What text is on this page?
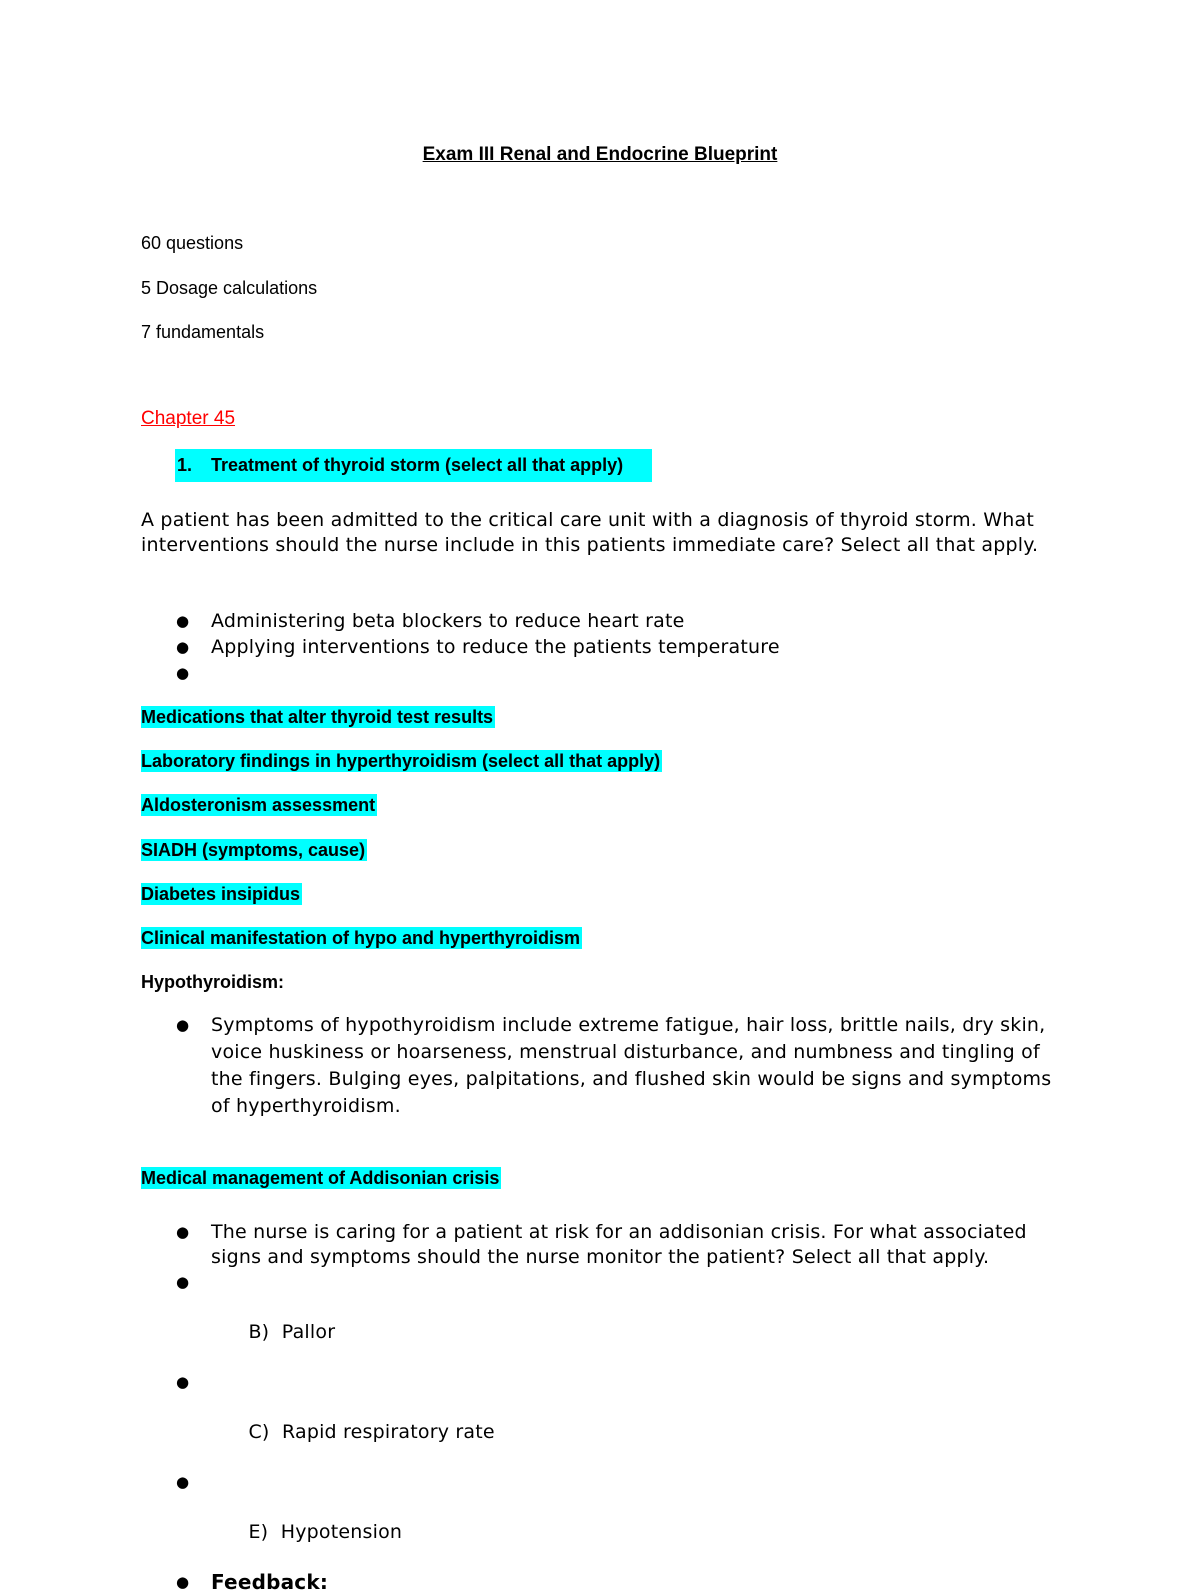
Exam III Renal and Endocrine Blueprint
60 questions
5 Dosage calculations
7 fundamentals
Chapter 45
1. Treatment of thyroid storm (select all that apply)
A patient has been admitted to the critical care unit with a diagnosis of thyroid storm. What interventions should the nurse include in this patients immediate care? Select all that apply.
● Administering beta blockers to reduce heart rate
● Applying interventions to reduce the patients temperature
●
Medications that alter thyroid test results
Laboratory findings in hyperthyroidism (select all that apply)
Aldosteronism assessment
SIADH (symptoms, cause)
Diabetes insipidus
Clinical manifestation of hypo and hyperthyroidism
Hypothyroidism:
● Symptoms of hypothyroidism include extreme fatigue, hair loss, brittle nails, dry skin, voice huskiness or hoarseness, menstrual disturbance, and numbness and tingling of the fingers. Bulging eyes, palpitations, and flushed skin would be signs and symptoms of hyperthyroidism.
Medical management of Addisonian crisis
● The nurse is caring for a patient at risk for an addisonian crisis. For what associated signs and symptoms should the nurse monitor the patient? Select all that apply.

●

B)  Pallor

●

C)  Rapid respiratory rate

●

E)  Hypotension

● Feedback:
